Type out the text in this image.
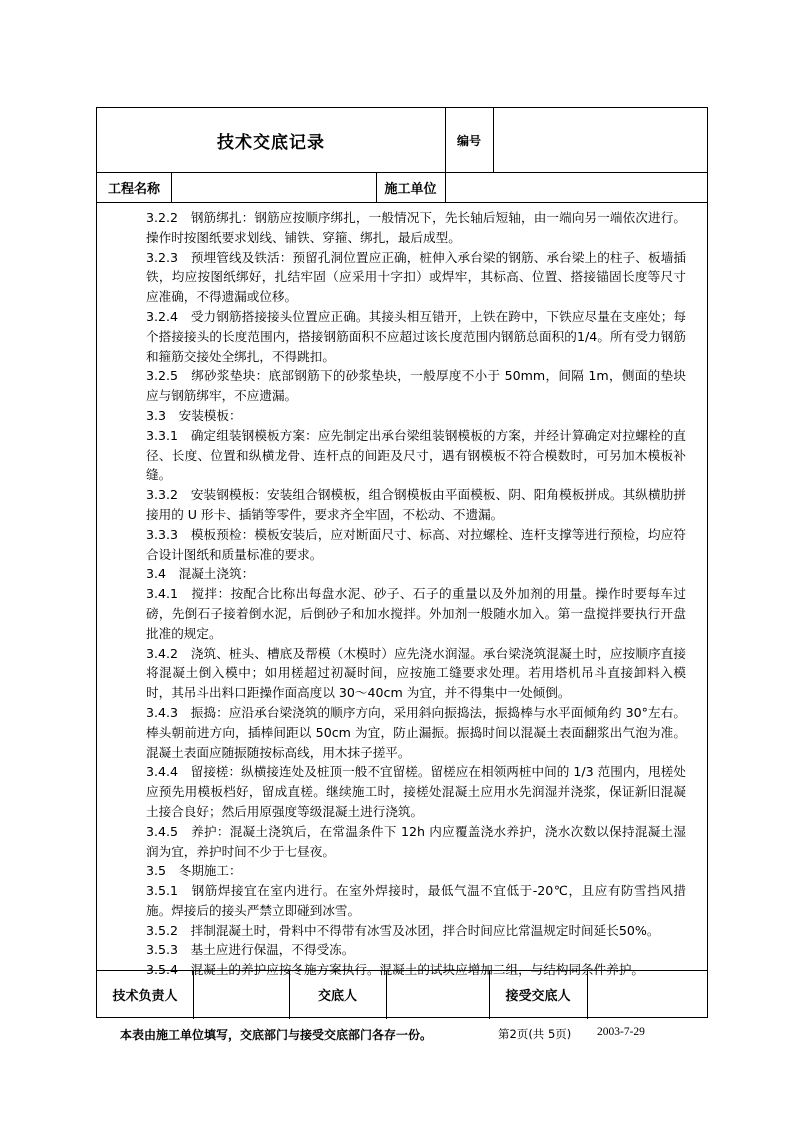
技术交底记录	编号
工程名称	施工单位
技术负责人	交底人	接受交底人

3.2.2　钢筋绑扎：钢筋应按顺序绑扎，一般情况下，先长轴后短轴，由一端向另一端依次进行。操作时按图纸要求划线、铺铁、穿箍、绑扎，最后成型。

3.2.3　预埋管线及铁活：预留孔洞位置应正确，桩伸入承台梁的钢筋、承台梁上的柱子、板墙插铁，均应按图纸绑好，扎结牢固（应采用十字扣）或焊牢，其标高、位置、搭接锚固长度等尺寸应准确，不得遗漏或位移。

3.2.4　受力钢筋搭接接头位置应正确。其接头相互错开，上铁在跨中，下铁应尽量在支座处；每个搭接接头的长度范围内，搭接钢筋面积不应超过该长度范围内钢筋总面积的1/4。所有受力钢筋和箍筋交接处全绑扎，不得跳扣。

3.2.5　绑砂浆垫块：底部钢筋下的砂浆垫块，一般厚度不小于 50mm，间隔 1m，侧面的垫块应与钢筋绑牢，不应遗漏。

3.3　安装模板：

3.3.1　确定组装钢模板方案：应先制定出承台梁组装钢模板的方案，并经计算确定对拉螺栓的直径、长度、位置和纵横龙骨、连杆点的间距及尺寸，遇有钢模板不符合模数时，可另加木模板补缝。

3.3.2　安装钢模板：安装组合钢模板，组合钢模板由平面模板、阴、阳角模板拼成。其纵横肋拼接用的 U 形卡、插销等零件，要求齐全牢固，不松动、不遗漏。

3.3.3　模板预检：模板安装后，应对断面尺寸、标高、对拉螺栓、连杆支撑等进行预检，均应符合设计图纸和质量标准的要求。

3.4　混凝土浇筑：

3.4.1　搅拌：按配合比称出每盘水泥、砂子、石子的重量以及外加剂的用量。操作时要每车过磅，先倒石子接着倒水泥，后倒砂子和加水搅拌。外加剂一般随水加入。第一盘搅拌要执行开盘批准的规定。

3.4.2　浇筑、桩头、槽底及帮模（木模时）应先浇水润湿。承台梁浇筑混凝土时，应按顺序直接将混凝土倒入模中；如用槎超过初凝时间，应按施工缝要求处理。若用塔机吊斗直接卸料入模时，其吊斗出料口距操作面高度以 30～40cm 为宜，并不得集中一处倾倒。

3.4.3　振捣：应沿承台梁浇筑的顺序方向，采用斜向振捣法，振捣棒与水平面倾角约 30°左右。棒头朝前进方向，插棒间距以 50cm 为宜，防止漏振。振捣时间以混凝土表面翻浆出气泡为准。混凝土表面应随振随按标高线，用木抹子搓平。

3.4.4　留接槎：纵横接连处及桩顶一般不宜留槎。留槎应在相领两桩中间的 1/3 范围内，甩槎处应预先用模板档好，留成直槎。继续施工时，接槎处混凝土应用水先润湿并浇浆，保证新旧混凝土接合良好；然后用原强度等级混凝土进行浇筑。

3.4.5　养护：混凝土浇筑后，在常温条件下 12h 内应覆盖浇水养护，浇水次数以保持混凝土湿润为宜，养护时间不少于七昼夜。

3.5　冬期施工：

3.5.1　钢筋焊接宜在室内进行。在室外焊接时，最低气温不宜低于-20℃，且应有防雪挡风措施。焊接后的接头严禁立即碰到冰雪。

3.5.2　拌制混凝土时，骨料中不得带有冰雪及冰团，拌合时间应比常温规定时间延长50%。

3.5.3　基土应进行保温，不得受冻。

3.5.4　混凝土的养护应按冬施方案执行。混凝土的试块应增加二组，与结构同条件养护。

本表由施工单位填写，交底部门与接受交底部门各存一份。	第2页(共 5页) 2003-7-29
